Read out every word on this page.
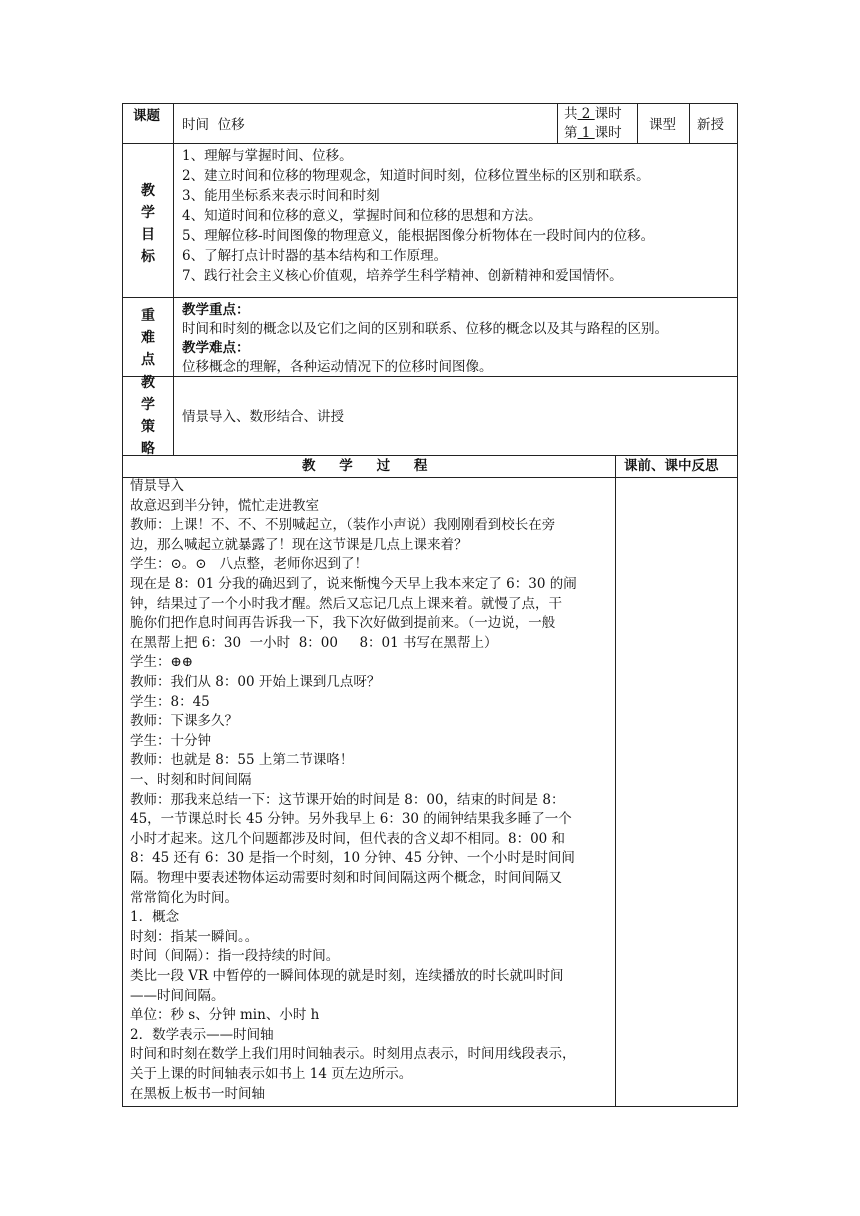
课题
时间  位移
共 2 课时
第 1 课时 课型 新授
教
学
目
标
1、理解与掌握时间、位移。
2、建立时间和位移的物理观念，知道时间时刻，位移位置坐标的区别和联系。
3、能用坐标系来表示时间和时刻
4、知道时间和位移的意义，掌握时间和位移的思想和方法。
5、理解位移-时间图像的物理意义，能根据图像分析物体在一段时间内的位移。
6、了解打点计时器的基本结构和工作原理。
7、践行社会主义核心价值观，培养学生科学精神、创新精神和爱国情怀。
重
难
点
教学重点：
时间和时刻的概念以及它们之间的区别和联系、位移的概念以及其与路程的区别。
教学难点：
位移概念的理解，各种运动情况下的位移时间图像。
教
学
策
略
情景导入、数形结合、讲授
教    学    过    程	课前、课中反思
情景导入
故意迟到半分钟，慌忙走进教室
教师：上课！不、不、不别喊起立，（装作小声说）我刚刚看到校长在旁
边，那么喊起立就暴露了！现在这节课是几点上课来着？
学生：⊙。⊙   八点整，老师你迟到了！
现在是 8：01 分我的确迟到了，说来惭愧今天早上我本来定了 6：30 的闹
钟，结果过了一个小时我才醒。然后又忘记几点上课来着。就慢了点，干
脆你们把作息时间再告诉我一下，我下次好做到提前来。（一边说，一般
在黑帮上把 6：30  一小时  8：00     8：01 书写在黑帮上）
学生：⊕⊕
教师：我们从 8：00 开始上课到几点呀？
学生：8：45
教师：下课多久？
学生：十分钟
教师：也就是 8：55 上第二节课咯！
一、时刻和时间间隔
教师：那我来总结一下：这节课开始的时间是 8：00，结束的时间是 8：
45，一节课总时长 45 分钟。另外我早上 6：30 的闹钟结果我多睡了一个
小时才起来。这几个问题都涉及时间，但代表的含义却不相同。8：00 和
8：45 还有 6：30 是指一个时刻，10 分钟、45 分钟、一个小时是时间间
隔。物理中要表述物体运动需要时刻和时间间隔这两个概念，时间间隔又
常常简化为时间。
1．概念
时刻：指某一瞬间。。
时间（间隔）：指一段持续的时间。
类比一段 VR 中暂停的一瞬间体现的就是时刻，连续播放的时长就叫时间
——时间间隔。
单位：秒 s、分钟 min、小时 h
2．数学表示——时间轴
时间和时刻在数学上我们用时间轴表示。时刻用点表示，时间用线段表示，
关于上课的时间轴表示如书上 14 页左边所示。
在黑板上板书一时间轴
